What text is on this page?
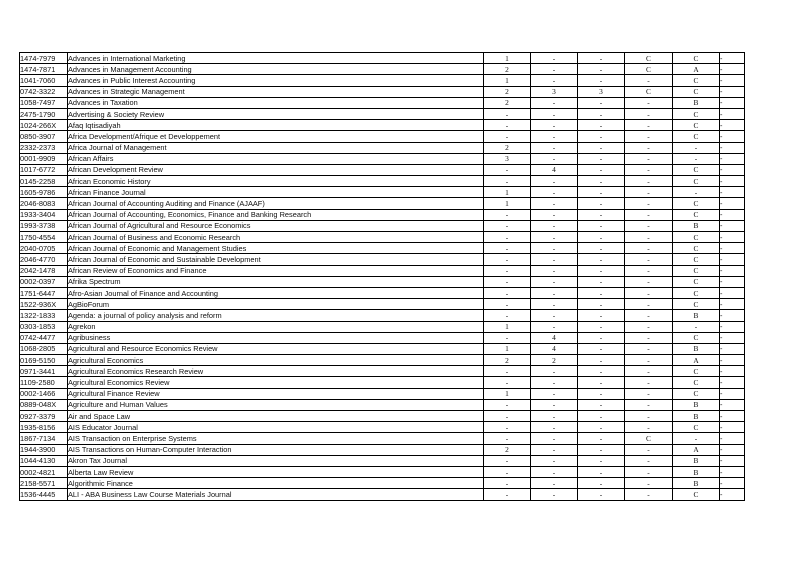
1474-7979	Advances in International Marketing	1	-	-	C	C	-
1474-7871	Advances in Management Accounting	2	-	-	C	A	-
1041-7060	Advances in Public Interest Accounting	1	-	-	-	C	-
0742-3322	Advances in Strategic Management	2	3	3	C	C	-
1058-7497	Advances in Taxation	2	-	-	-	B	-
2475-1790	Advertising & Society Review	-	-	-	-	C	-
1024-266X	Afaq Iqtisadiyah	-	-	-	-	C	-
0850-3907	Africa Development/Afrique et Developpement	-	-	-	-	C	-
2332-2373	Africa Journal of Management	2	-	-	-	-	-
0001-9909	African Affairs	3	-	-	-	-	-
1017-6772	African Development Review	-	4	-	-	C	-
0145-2258	African Economic History	-	-	-	-	C	-
1605-9786	African Finance Journal	1	-	-	-	-	-
2046-8083	African Journal of Accounting Auditing and Finance (AJAAF)	1	-	-	-	C	-
1933-3404	African Journal of Accounting, Economics, Finance and Banking Research	-	-	-	-	C	-
1993-3738	African Journal of Agricultural and Resource Economics	-	-	-	-	B	-
1750-4554	African Journal of Business and Economic Research	-	-	-	-	C	-
2040-0705	African Journal of Economic and Management Studies	-	-	-	-	C	-
2046-4770	African Journal of Economic and Sustainable Development	-	-	-	-	C	-
2042-1478	African Review of Economics and Finance	-	-	-	-	C	-
0002-0397	Afrika Spectrum	-	-	-	-	C	-
1751-6447	Afro-Asian Journal of Finance and Accounting	-	-	-	-	C	-
1522-936X	AgBioForum	-	-	-	-	C	-
1322-1833	Agenda: a journal of policy analysis and reform	-	-	-	-	B	-
0303-1853	Agrekon	1	-	-	-	-	-
0742-4477	Agribusiness	-	4	-	-	C	-
1068-2805	Agricultural and Resource Economics Review	1	4	-	-	B	-
0169-5150	Agricultural Economics	2	2	-	-	A	-
0971-3441	Agricultural Economics Research Review	-	-	-	-	C	-
1109-2580	Agricultural Economics Review	-	-	-	-	C	-
0002-1466	Agricultural Finance Review	1	-	-	-	C	-
0889-048X	Agriculture and Human Values	-	-	-	-	B	-
0927-3379	Air and Space Law	-	-	-	-	B	-
1935-8156	AIS Educator Journal	-	-	-	-	C	-
1867-7134	AIS Transaction on Enterprise Systems	-	-	-	C	-	-
1944-3900	AIS Transactions on Human-Computer Interaction	2	-	-	-	A	-
1044-4130	Akron Tax Journal	-	-	-	-	B	-
0002-4821	Alberta Law Review	-	-	-	-	B	-
2158-5571	Algorithmic Finance	-	-	-	-	B	-
1536-4445	ALI - ABA Business Law Course Materials Journal	-	-	-	-	C	-
